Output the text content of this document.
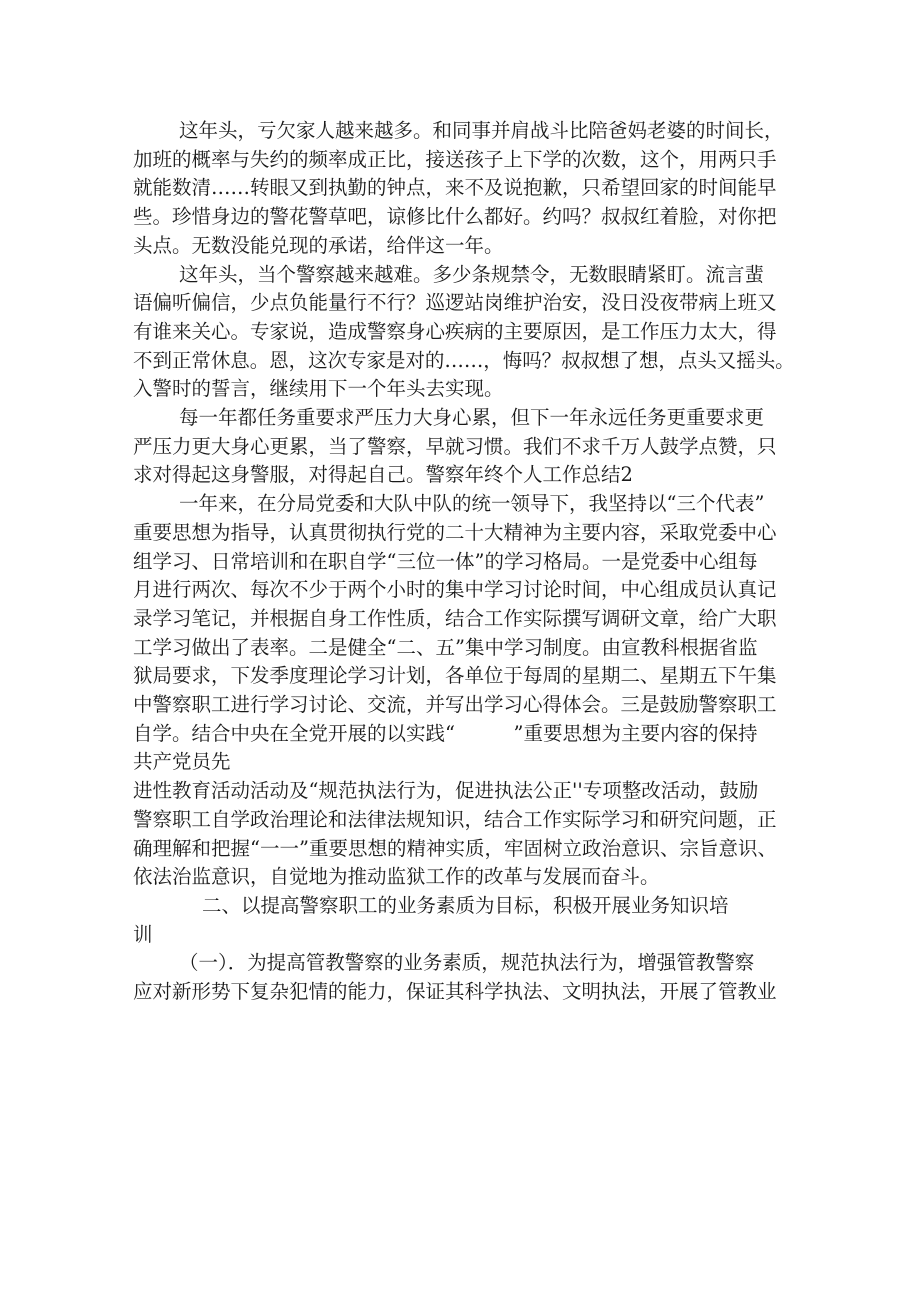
这年头，亏欠家人越来越多。和同事并肩战斗比陪爸妈老婆的时间长，
加班的概率与失约的频率成正比，接送孩子上下学的次数，这个，用两只手
就能数清……转眼又到执勤的钟点，来不及说抱歉，只希望回家的时间能早
些。珍惜身边的警花警草吧，谅修比什么都好。约吗？叔叔红着脸，对你把
头点。无数没能兑现的承诺，给伴这一年。

这年头，当个警察越来越难。多少条规禁令，无数眼睛紧盯。流言蜚
语偏听偏信，少点负能量行不行？巡逻站岗维护治安，没日没夜带病上班又
有谁来关心。专家说，造成警察身心疾病的主要原因，是工作压力太大，得
不到正常休息。恩，这次专家是对的……，悔吗？叔叔想了想，点头又摇头。
入警时的誓言，继续用下一个年头去实现。

每一年都任务重要求严压力大身心累，但下一年永远任务更重要求更
严压力更大身心更累，当了警察，早就习惯。我们不求千万人鼓学点赞，只
求对得起这身警服，对得起自己。警察年终个人工作总结2

一年来，在分局党委和大队中队的统一领导下，我坚持以“三个代表”
重要思想为指导，认真贯彻执行党的二十大精神为主要内容，采取党委中心
组学习、日常培训和在职自学“三位一体”的学习格局。一是党委中心组每
月进行两次、每次不少于两个小时的集中学习讨论时间，中心组成员认真记
录学习笔记，并根据自身工作性质，结合工作实际撰写调研文章，给广大职
工学习做出了表率。二是健全“二、五”集中学习制度。由宣教科根据省监
狱局要求，下发季度理论学习计划，各单位于每周的星期二、星期五下午集
中警察职工进行学习讨论、交流，并写出学习心得体会。三是鼓励警察职工
自学。结合中央在全党开展的以实践“　　　”重要思想为主要内容的保持
共产党员先

进性教育活动活动及“规范执法行为，促进执法公正''专项整改活动，鼓励
警察职工自学政治理论和法律法规知识，结合工作实际学习和研究问题，正
确理解和把握“一一”重要思想的精神实质，牢固树立政治意识、宗旨意识、
依法治监意识，自觉地为推动监狱工作的改革与发展而奋斗。

二、以提高警察职工的业务素质为目标，积极开展业务知识培
训

（一）．为提高管教警察的业务素质，规范执法行为，增强管教警察
应对新形势下复杂犯情的能力，保证其科学执法、文明执法，开展了管教业
